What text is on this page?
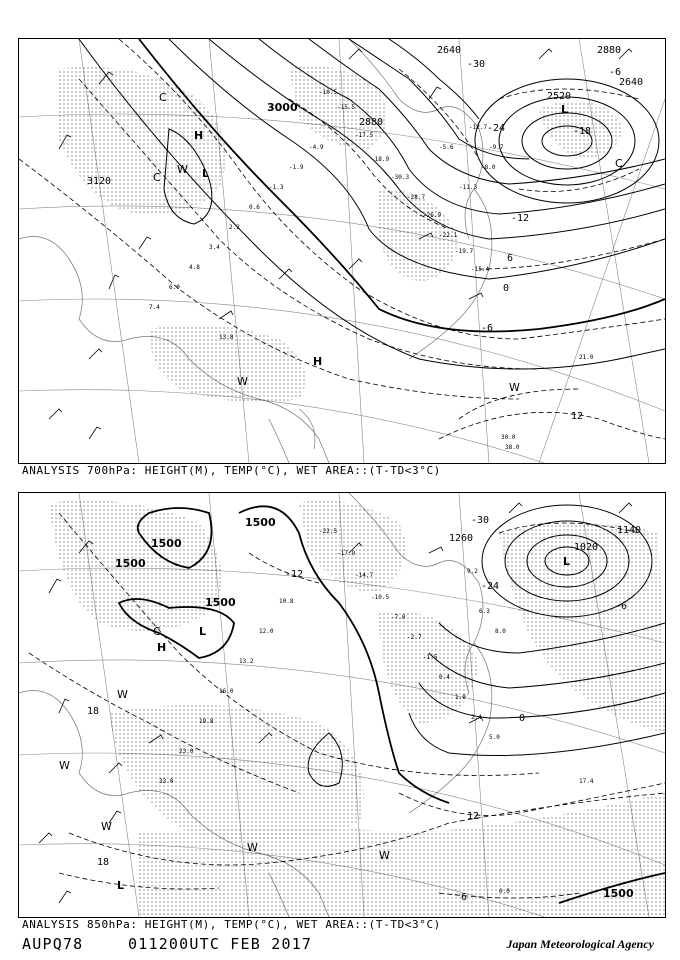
-10.5
-15.5
-17.5
-18.9
-30.3
-28.7
-26.9
-22.1
-19.7
-15.4
-11.3
-8.0
-9.7
-12.7
-5.6
-4.9
-1.9
-1.3
0.6
2.2
3.4
4.8
6.0
7.4
13.8
21.0
30.0
38.0
3000
2880
2640	2880
2640
2520
3120
-30
-24	-18
-12
-6
0
6
12
-6
L
L
H
H
W
W	W
C
C
C
ANALYSIS 700hPa: HEIGHT(M), TEMP(°C), WET AREA::(T-TD<3°C)
-22.5
-17.9
-14.7
-10.5
-7.0
-2.7
-1.5
0.4
1.0
2.4
5.0
6.3
8.0
9.2
10.8
12.0
13.2
16.0
19.8
23.0
33.0	17.4
0.0
1500
1500
1500
1500
1260
1140
1020
1500
-30
-24
-12
-6
0
12
18
18
6
L
L
L
H
W
W
W
W
W
C
ANALYSIS 850hPa: HEIGHT(M), TEMP(°C), WET AREA::(T-TD<3°C)
AUPQ78	011200UTC FEB 2017	Japan Meteorological Agency
